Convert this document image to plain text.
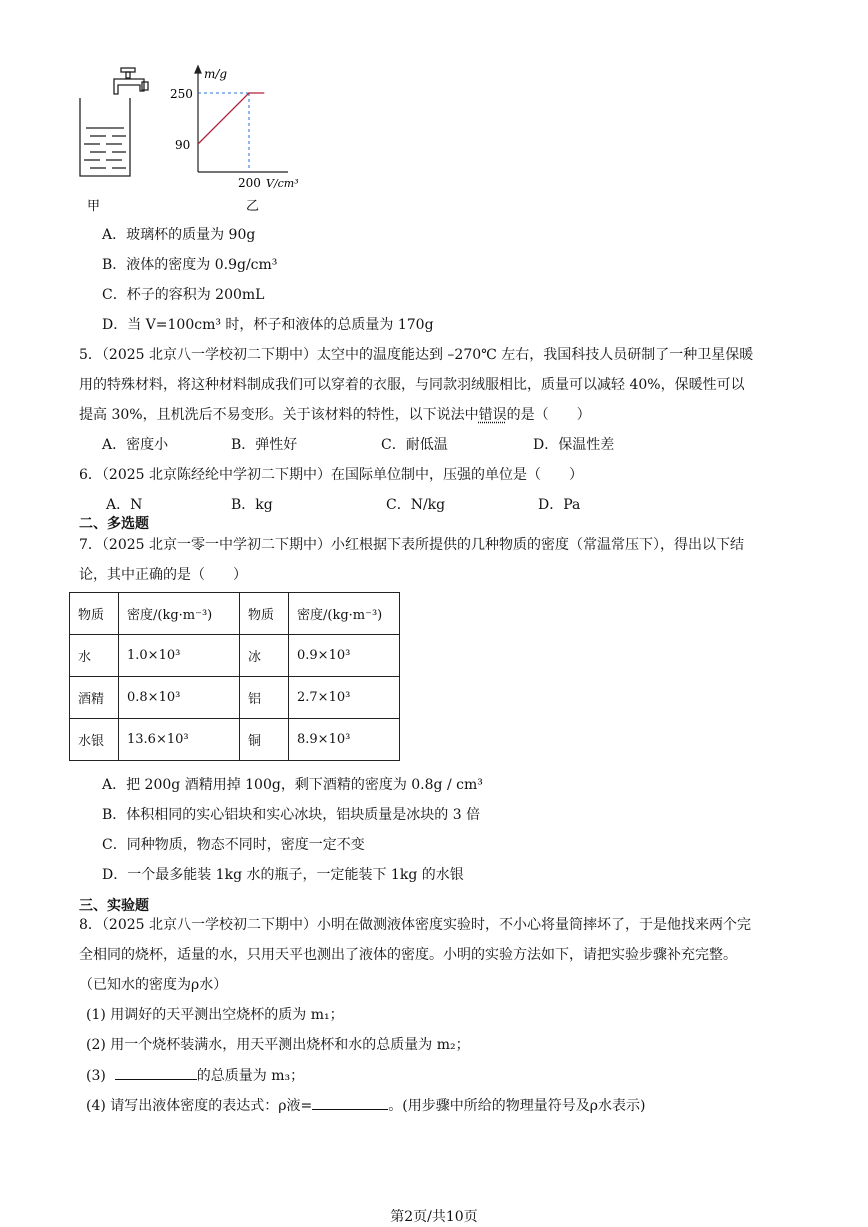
甲
m/g
V/cm³
250
90
200
乙
A．玻璃杯的质量为 90g
B．液体的密度为 0.9g/cm³
C．杯子的容积为 200mL
D．当 V=100cm³ 时，杯子和液体的总质量为 170g
5．（2025 北京八一学校初二下期中）太空中的温度能达到 –270℃ 左右，我国科技人员研制了一种卫星保暖
用的特殊材料，将这种材料制成我们可以穿着的衣服，与同款羽绒服相比，质量可以减轻 40%，保暖性可以
提高 30%，且机洗后不易变形。关于该材料的特性，以下说法中错误的是（　　）
A．密度小	B．弹性好	C．耐低温	D．保温性差
6．（2025 北京陈经纶中学初二下期中）在国际单位制中，压强的单位是（　　）
A．N	B．kg	C．N/kg	D．Pa
二、多选题
7．（2025 北京一零一中学初二下期中）小红根据下表所提供的几种物质的密度（常温常压下），得出以下结
论，其中正确的是（　　）
物质	密度/(kg·m⁻³)	物质	密度/(kg·m⁻³)
水	1.0×10³	冰	0.9×10³
酒精	0.8×10³	铝	2.7×10³
水银	13.6×10³	铜	8.9×10³
A．把 200g 酒精用掉 100g，剩下酒精的密度为 0.8g / cm³
B．体积相同的实心铝块和实心冰块，铝块质量是冰块的 3 倍
C．同种物质，物态不同时，密度一定不变
D．一个最多能装 1kg 水的瓶子，一定能装下 1kg 的水银
三、实验题
8．（2025 北京八一学校初二下期中）小明在做测液体密度实验时，不小心将量筒摔坏了，于是他找来两个完
全相同的烧杯，适量的水，只用天平也测出了液体的密度。小明的实验方法如下，请把实验步骤补充完整。
（已知水的密度为ρ水）
(1) 用调好的天平测出空烧杯的质为 m₁；
(2) 用一个烧杯装满水，用天平测出烧杯和水的总质量为 m₂；
(3)	的总质量为 m₃；
(4) 请写出液体密度的表达式：ρ液=	。(用步骤中所给的物理量符号及ρ水表示)
第2页/共10页
